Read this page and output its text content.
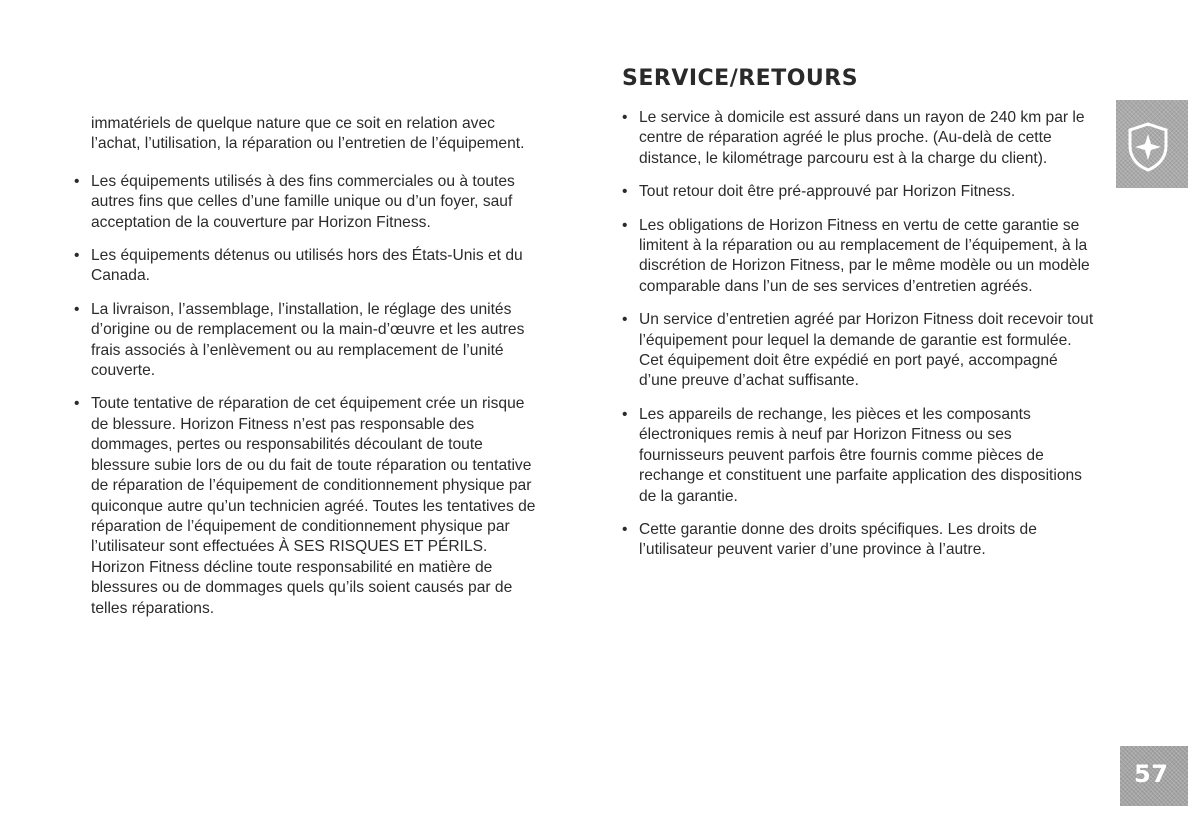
immatériels de quelque nature que ce soit en relation avec l’achat, l’utilisation, la réparation ou l’entretien de l’équipement.

• Les équipements utilisés à des fins commerciales ou à toutes autres fins que celles d’une famille unique ou d’un foyer, sauf acceptation de la couverture par Horizon Fitness.
• Les équipements détenus ou utilisés hors des États-Unis et du Canada.
• La livraison, l’assemblage, l’installation, le réglage des unités d’origine ou de remplacement ou la main-d’œuvre et les autres frais associés à l’enlèvement ou au remplacement de l’unité couverte.
• Toute tentative de réparation de cet équipement crée un risque de blessure. Horizon Fitness n’est pas responsable des dommages, pertes ou responsabilités découlant de toute blessure subie lors de ou du fait de toute réparation ou tentative de réparation de l’équipement de conditionnement physique par quiconque autre qu’un technicien agréé. Toutes les tentatives de réparation de l’équipement de conditionnement physique par l’utilisateur sont effectuées À SES RISQUES ET PÉRILS. Horizon Fitness décline toute responsabilité en matière de blessures ou de dommages quels qu’ils soient causés par de telles réparations.
SERVICE/RETOURS
• Le service à domicile est assuré dans un rayon de 240 km par le centre de réparation agréé le plus proche. (Au-delà de cette distance, le kilométrage parcouru est à la charge du client).
• Tout retour doit être pré-approuvé par Horizon Fitness.
• Les obligations de Horizon Fitness en vertu de cette garantie se limitent à la réparation ou au remplacement de l’équipement, à la discrétion de Horizon Fitness, par le même modèle ou un modèle comparable dans l’un de ses services d’entretien agréés.
• Un service d’entretien agréé par Horizon Fitness doit recevoir tout l’équipement pour lequel la demande de garantie est formulée. Cet équipement doit être expédié en port payé, accompagné d’une preuve d’achat suffisante.
• Les appareils de rechange, les pièces et les composants électroniques remis à neuf par Horizon Fitness ou ses fournisseurs peuvent parfois être fournis comme pièces de rechange et constituent une parfaite application des dispositions de la garantie.
• Cette garantie donne des droits spécifiques. Les droits de l’utilisateur peuvent varier d’une province à l’autre.
57
